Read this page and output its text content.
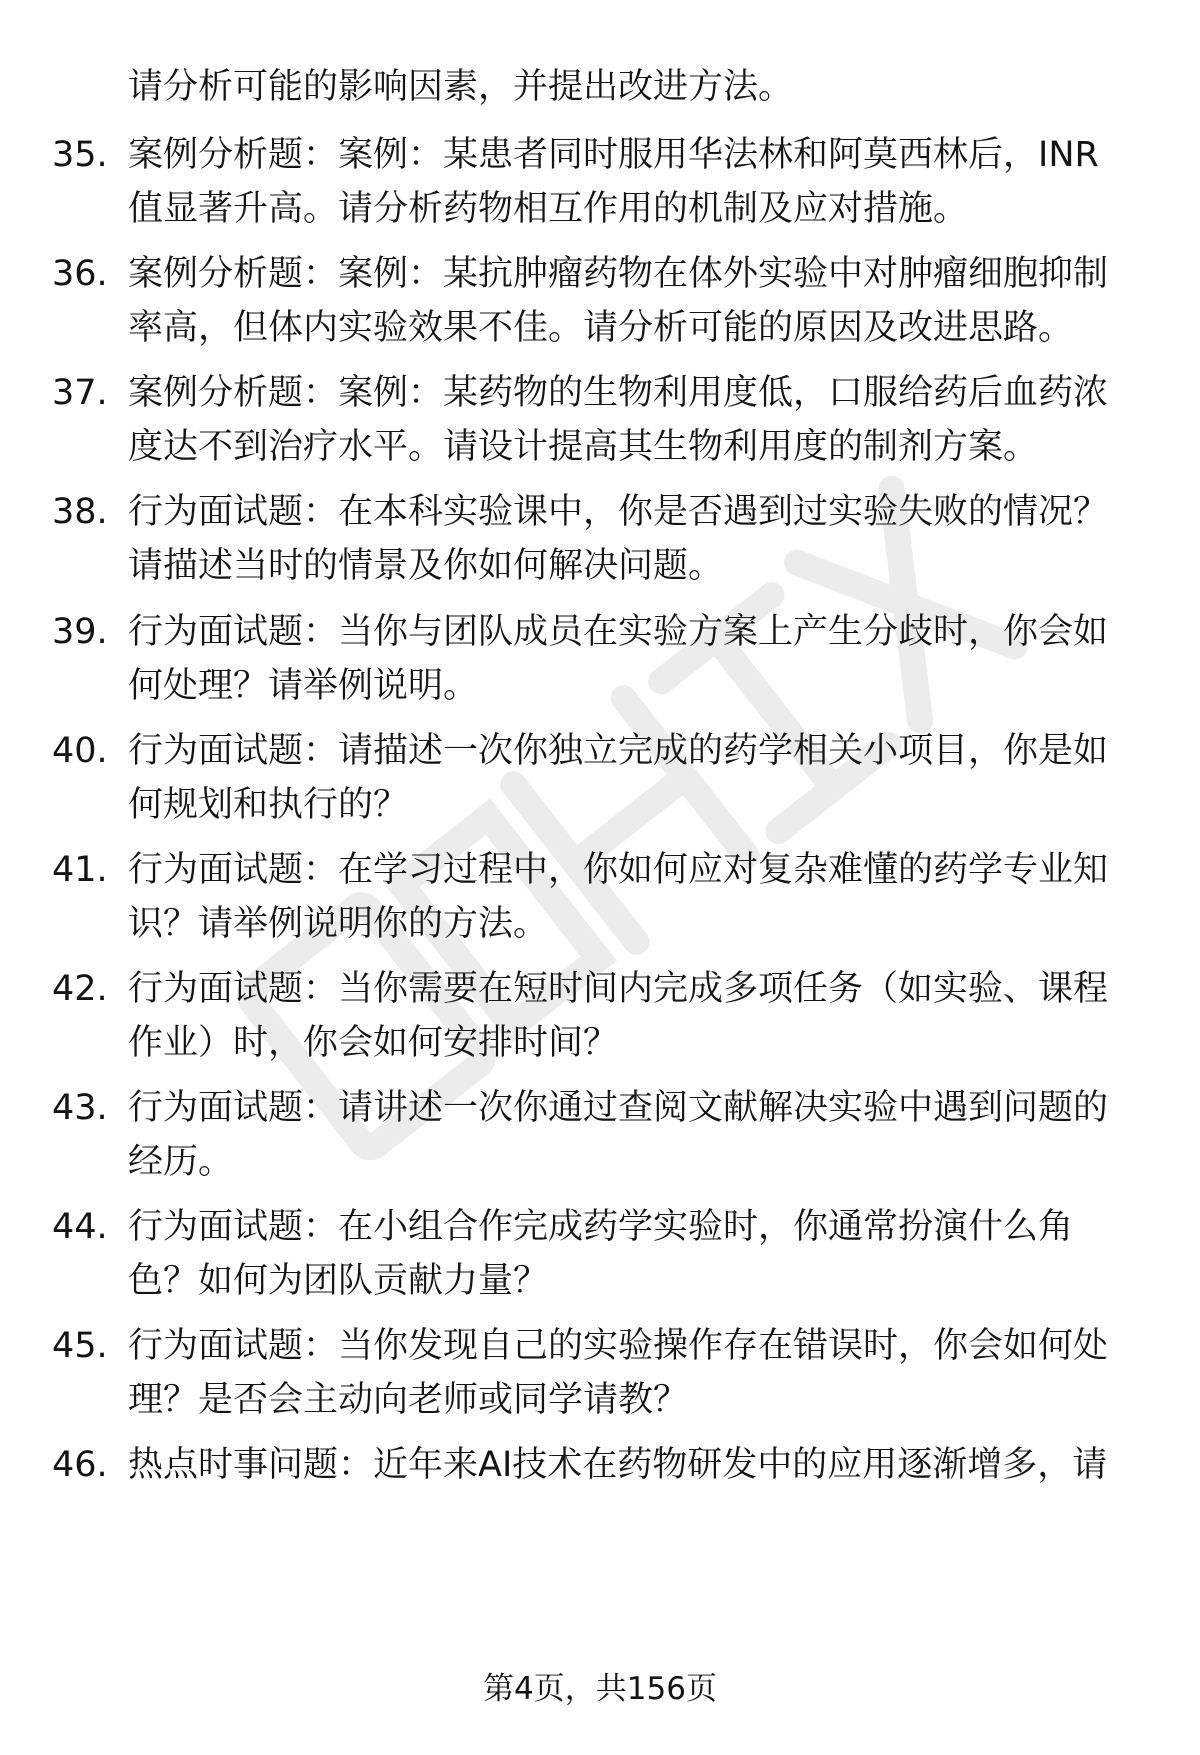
请分析可能的影响因素，并提出改进方法。
35. 案例分析题：案例：某患者同时服用华法林和阿莫西林后，INR
值显著升高。请分析药物相互作用的机制及应对措施。
36. 案例分析题：案例：某抗肿瘤药物在体外实验中对肿瘤细胞抑制
率高，但体内实验效果不佳。请分析可能的原因及改进思路。
37. 案例分析题：案例：某药物的生物利用度低，口服给药后血药浓
度达不到治疗水平。请设计提高其生物利用度的制剂方案。
38. 行为面试题：在本科实验课中，你是否遇到过实验失败的情况？
请描述当时的情景及你如何解决问题。
39. 行为面试题：当你与团队成员在实验方案上产生分歧时，你会如
何处理？请举例说明。
40. 行为面试题：请描述一次你独立完成的药学相关小项目，你是如
何规划和执行的？
41. 行为面试题：在学习过程中，你如何应对复杂难懂的药学专业知
识？请举例说明你的方法。
42. 行为面试题：当你需要在短时间内完成多项任务（如实验、课程
作业）时，你会如何安排时间？
43. 行为面试题：请讲述一次你通过查阅文献解决实验中遇到问题的
经历。
44. 行为面试题：在小组合作完成药学实验时，你通常扮演什么角
色？如何为团队贡献力量？
45. 行为面试题：当你发现自己的实验操作存在错误时，你会如何处
理？是否会主动向老师或同学请教？
46. 热点时事问题：近年来AI技术在药物研发中的应用逐渐增多，请
第4页，共156页
